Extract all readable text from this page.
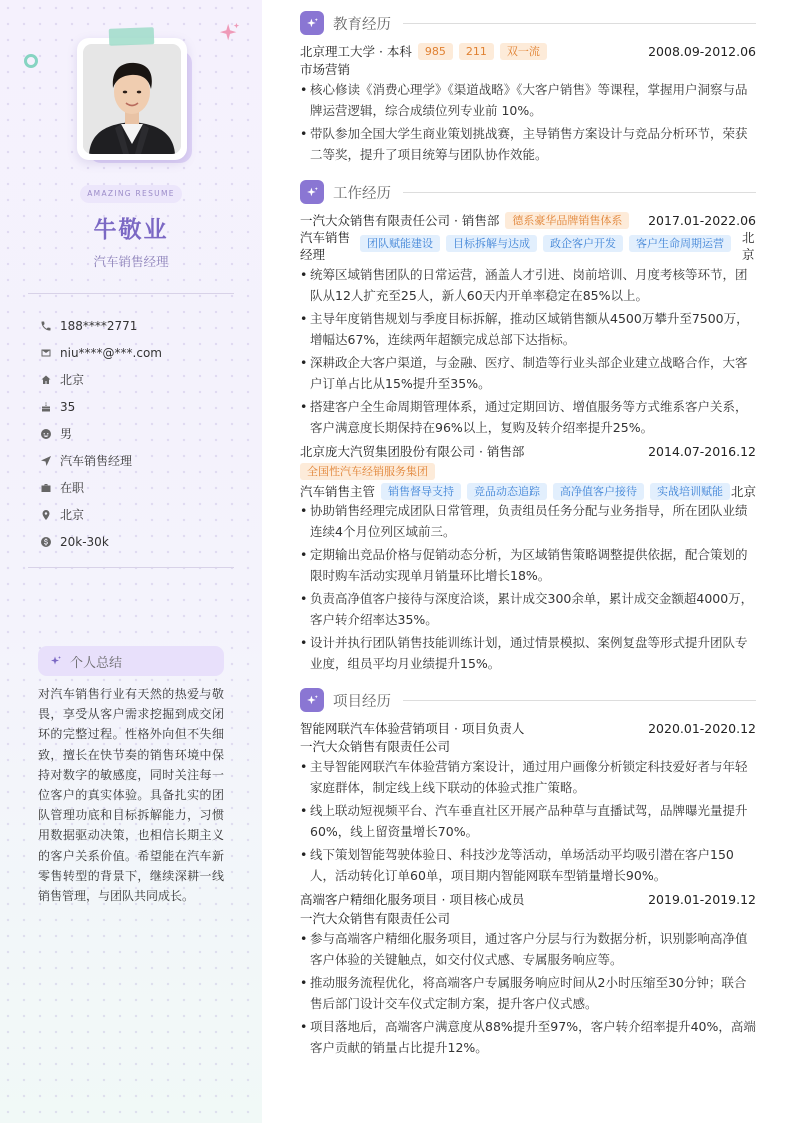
AMAZING RESUME
牛敬业
汽车销售经理
188****2771
niu****@***.com
北京
35
男
汽车销售经理
在职
北京
20k-30k
个人总结
对汽车销售行业有天然的热爱与敬畏，享受从客户需求挖掘到成交闭环的完整过程。性格外向但不失细致，擅长在快节奏的销售环境中保持对数字的敏感度，同时关注每一位客户的真实体验。具备扎实的团队管理功底和目标拆解能力，习惯用数据驱动决策，也相信长期主义的客户关系价值。希望能在汽车新零售转型的背景下，继续深耕一线销售管理，与团队共同成长。
教育经历
北京理工大学 · 本科	985	211	双一流	2008.09-2012.06
市场营销
• 核心修读《消费心理学》《渠道战略》《大客户销售》等课程，掌握用户洞察与品牌运营逻辑，综合成绩位列专业前 10%。
• 带队参加全国大学生商业策划挑战赛，主导销售方案设计与竞品分析环节，荣获二等奖，提升了项目统筹与团队协作效能。
工作经历
一汽大众销售有限责任公司 · 销售部	德系豪华品牌销售体系	2017.01-2022.06
汽车销售经理
团队赋能建设	目标拆解与达成	政企客户开发	客户生命周期运营	北京
• 统筹区域销售团队的日常运营，涵盖人才引进、岗前培训、月度考核等环节，团队从12人扩充至25人，新人60天内开单率稳定在85%以上。
• 主导年度销售规划与季度目标拆解，推动区域销售额从4500万攀升至7500万，增幅达67%，连续两年超额完成总部下达指标。
• 深耕政企大客户渠道，与金融、医疗、制造等行业头部企业建立战略合作，大客户订单占比从15%提升至35%。
• 搭建客户全生命周期管理体系，通过定期回访、增值服务等方式维系客户关系，客户满意度长期保持在96%以上，复购及转介绍率提升25%。
北京庞大汽贸集团股份有限公司 · 销售部	2014.07-2016.12
全国性汽车经销服务集团
汽车销售主管	销售督导支持	竞品动态追踪	高净值客户接待	实战培训赋能 北京
• 协助销售经理完成团队日常管理，负责组员任务分配与业务指导，所在团队业绩连续4个月位列区域前三。
• 定期输出竞品价格与促销动态分析，为区域销售策略调整提供依据，配合策划的限时购车活动实现单月销量环比增长18%。
• 负责高净值客户接待与深度洽谈，累计成交300余单，累计成交金额超4000万，客户转介绍率达35%。
• 设计并执行团队销售技能训练计划，通过情景模拟、案例复盘等形式提升团队专业度，组员平均月业绩提升15%。
项目经历
智能网联汽车体验营销项目 · 项目负责人	2020.01-2020.12
一汽大众销售有限责任公司
• 主导智能网联汽车体验营销方案设计，通过用户画像分析锁定科技爱好者与年轻家庭群体，制定线上线下联动的体验式推广策略。
• 线上联动短视频平台、汽车垂直社区开展产品种草与直播试驾，品牌曝光量提升60%，线上留资量增长70%。
• 线下策划智能驾驶体验日、科技沙龙等活动，单场活动平均吸引潜在客户150人，活动转化订单60单，项目期内智能网联车型销量增长90%。
高端客户精细化服务项目 · 项目核心成员	2019.01-2019.12
一汽大众销售有限责任公司
• 参与高端客户精细化服务项目，通过客户分层与行为数据分析，识别影响高净值客户体验的关键触点，如交付仪式感、专属服务响应等。
• 推动服务流程优化，将高端客户专属服务响应时间从2小时压缩至30分钟；联合售后部门设计交车仪式定制方案，提升客户仪式感。
• 项目落地后，高端客户满意度从88%提升至97%，客户转介绍率提升40%，高端客户贡献的销量占比提升12%。
